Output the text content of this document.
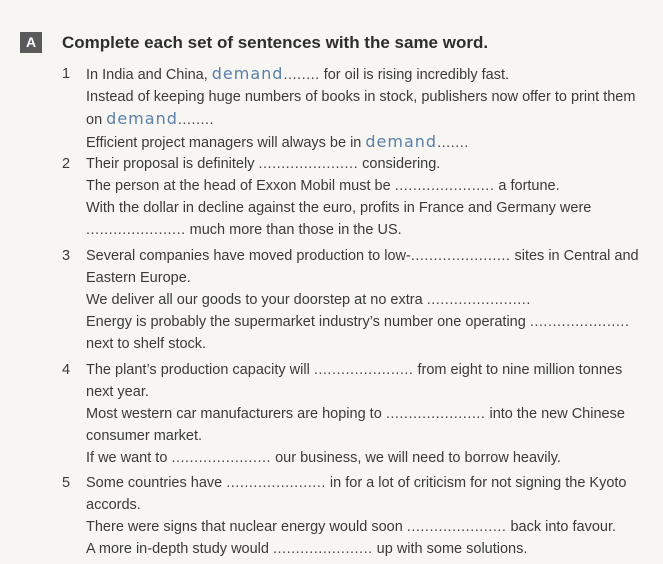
A	Complete each set of sentences with the same word.
1	In India and China, demand........ for oil is rising incredibly fast.
Instead of keeping huge numbers of books in stock, publishers now offer to print them
on demand........
Efficient project managers will always be in demand.......
2	Their proposal is definitely ...................... considering.
The person at the head of Exxon Mobil must be ...................... a fortune.
With the dollar in decline against the euro, profits in France and Germany were
...................... much more than those in the US.
3	Several companies have moved production to low-...................... sites in Central and
Eastern Europe.
We deliver all our goods to your doorstep at no extra .......................
Energy is probably the supermarket industry’s number one operating ......................
next to shelf stock.
4	The plant’s production capacity will ...................... from eight to nine million tonnes
next year.
Most western car manufacturers are hoping to ...................... into the new Chinese
consumer market.
If we want to ...................... our business, we will need to borrow heavily.
5	Some countries have ...................... in for a lot of criticism for not signing the Kyoto
accords.
There were signs that nuclear energy would soon ...................... back into favour.
A more in-depth study would ...................... up with some solutions.
